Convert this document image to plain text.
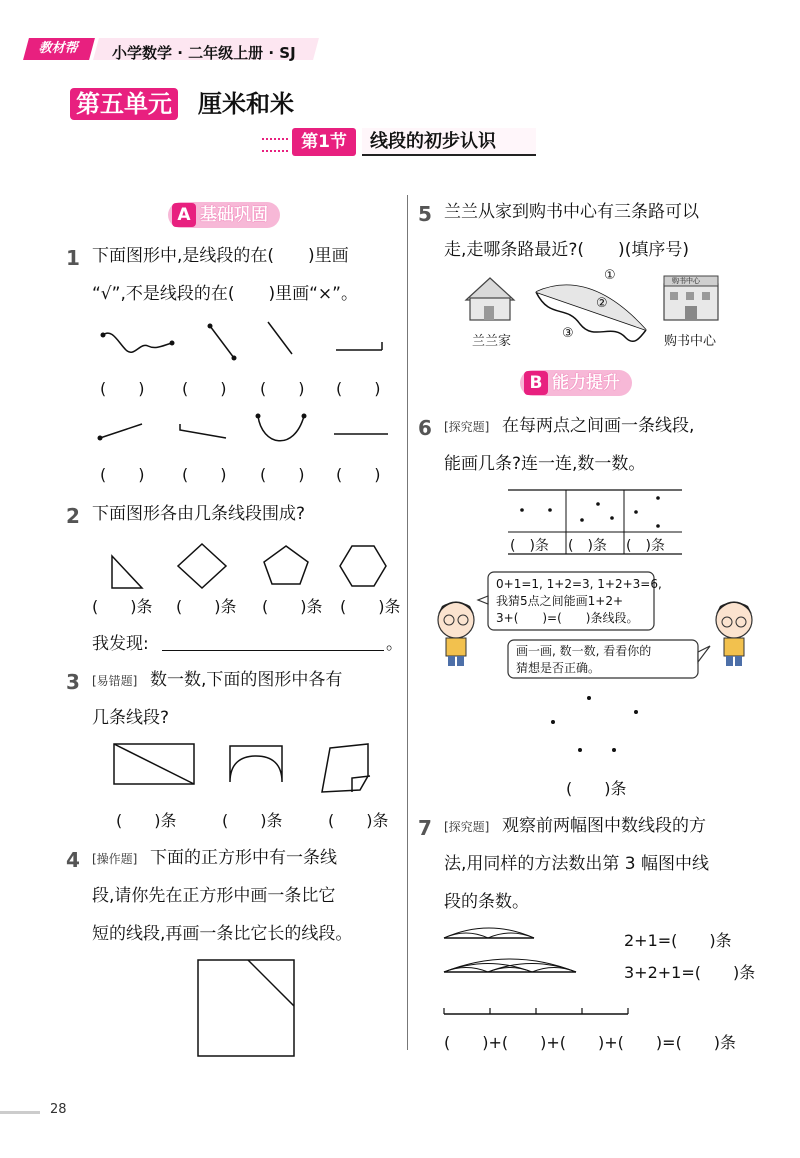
教材帮	小学数学 · 二年级上册 · SJ
第五单元 厘米和米
第1节	线段的初步认识
A 基础巩固
1 下面图形中,是线段的在(　　)里画
“√”,不是线段的在(　　)里画“×”。
(　　) (　　) (　　) (　　)
(　　) (　　) (　　) (　　)
2 下面图形各由几条线段围成?
(　　)条 (　　)条 (　　)条 (　　)条
我发现:	。
3 [易错题] 数一数,下面的图形中各有
几条线段?
(　　)条	(　　)条	(　　)条
4 [操作题] 下面的正方形中有一条线
段,请你先在正方形中画一条比它
短的线段,再画一条比它长的线段。
5 兰兰从家到购书中心有三条路可以
走,走哪条路最近?(　　)(填序号)
购书中心
①
②
③
兰兰家	购书中心
B 能力提升
6 [探究题] 在每两点之间画一条线段,
能画几条?连一连,数一数。
(　)条 (　)条 (　)条
0+1=1, 1+2=3, 1+2+3=6,
我猜5点之间能画1+2+
3+(　　)=(　　)条线段。
画一画, 数一数, 看看你的
猜想是否正确。
(　　)条
7 [探究题] 观察前两幅图中数线段的方
法,用同样的方法数出第 3 幅图中线
段的条数。
2+1=(　　)条
3+2+1=(　　)条
(　　)+(　　)+(　　)+(　　)=(　　)条
28
